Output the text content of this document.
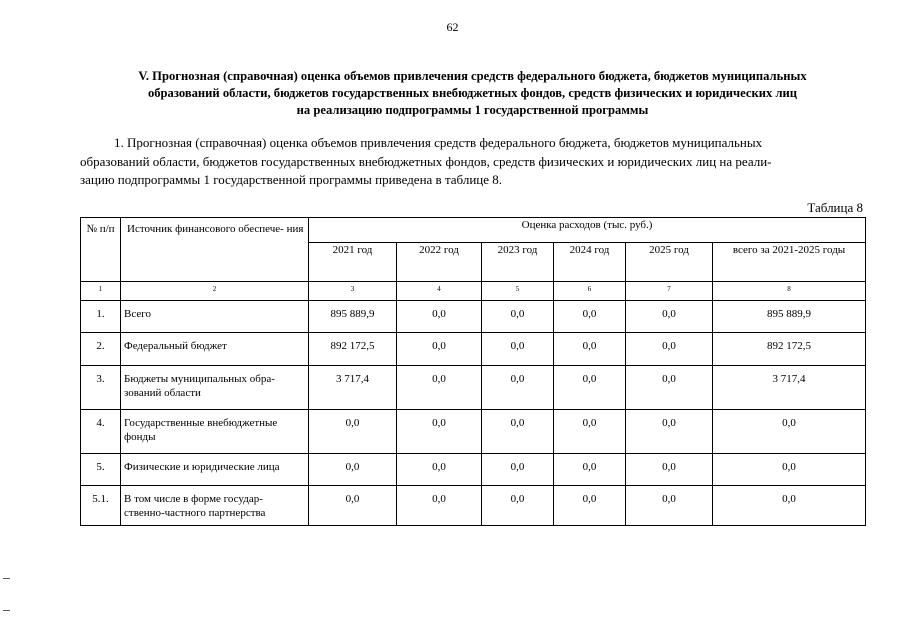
62
V. Прогнозная (справочная) оценка объемов привлечения средств федерального бюджета, бюджетов муниципальных
образований области, бюджетов государственных внебюджетных фондов, средств физических и юридических лиц
на реализацию подпрограммы 1 государственной программы
1. Прогнозная (справочная) оценка объемов привлечения средств федерального бюджета, бюджетов муниципальных
образований области, бюджетов государственных внебюджетных фондов, средств физических и юридических лиц на реали-
зацию подпрограммы 1 государственной программы приведена в таблице 8.
Таблица 8
№ п/п	Источник финансового обеспече- ния	Оценка расходов (тыс. руб.)					
		2021 год	2022 год	2023 год	2024 год	2025 год	всего за 2021-2025 годы
1	2	3	4	5	6	7	8
1.	Всего	895 889,9	0,0	0,0	0,0	0,0	895 889,9
2.	Федеральный бюджет	892 172,5	0,0	0,0	0,0	0,0	892 172,5
3.	Бюджеты муниципальных обра- зований области	3 717,4	0,0	0,0	0,0	0,0	3 717,4
4.	Государственные внебюджетные фонды	0,0	0,0	0,0	0,0	0,0	0,0
5.	Физические и юридические лица	0,0	0,0	0,0	0,0	0,0	0,0
5.1.	В том числе в форме государ- ственно-частного партнерства	0,0	0,0	0,0	0,0	0,0	0,0
